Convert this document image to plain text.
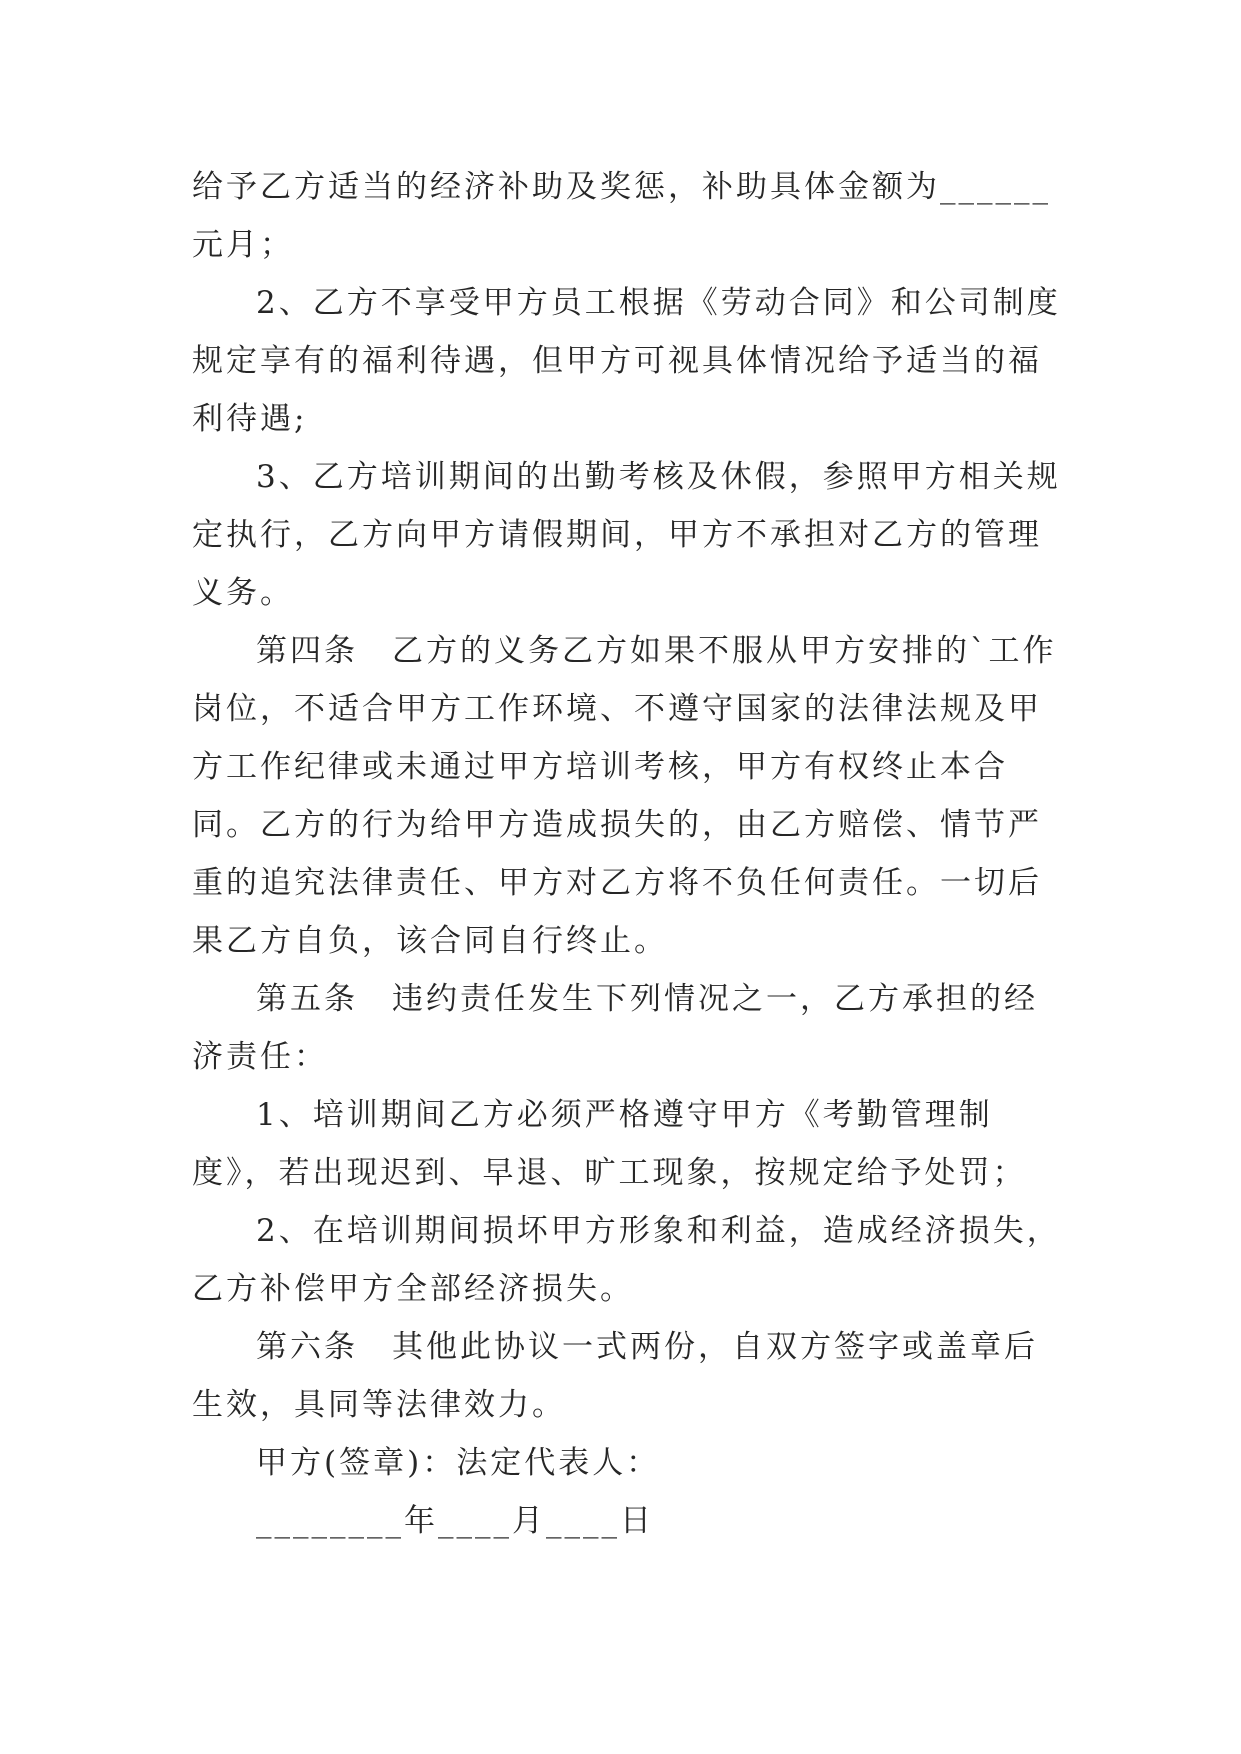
给予乙方适当的经济补助及奖惩，补助具体金额为______元月；

2、乙方不享受甲方员工根据《劳动合同》和公司制度规定享有的福利待遇，但甲方可视具体情况给予适当的福利待遇;

3、乙方培训期间的出勤考核及休假，参照甲方相关规定执行，乙方向甲方请假期间，甲方不承担对乙方的管理义务。

第四条　乙方的义务乙方如果不服从甲方安排的`工作岗位，不适合甲方工作环境、不遵守国家的法律法规及甲方工作纪律或未通过甲方培训考核，甲方有权终止本合同。乙方的行为给甲方造成损失的，由乙方赔偿、情节严重的追究法律责任、甲方对乙方将不负任何责任。一切后果乙方自负，该合同自行终止。

第五条　违约责任发生下列情况之一，乙方承担的经济责任：

1、培训期间乙方必须严格遵守甲方《考勤管理制度》，若出现迟到、早退、旷工现象，按规定给予处罚；

2、在培训期间损坏甲方形象和利益，造成经济损失，乙方补偿甲方全部经济损失。

第六条　其他此协议一式两份，自双方签字或盖章后生效，具同等法律效力。

甲方(签章)：法定代表人：

________年____月____日
